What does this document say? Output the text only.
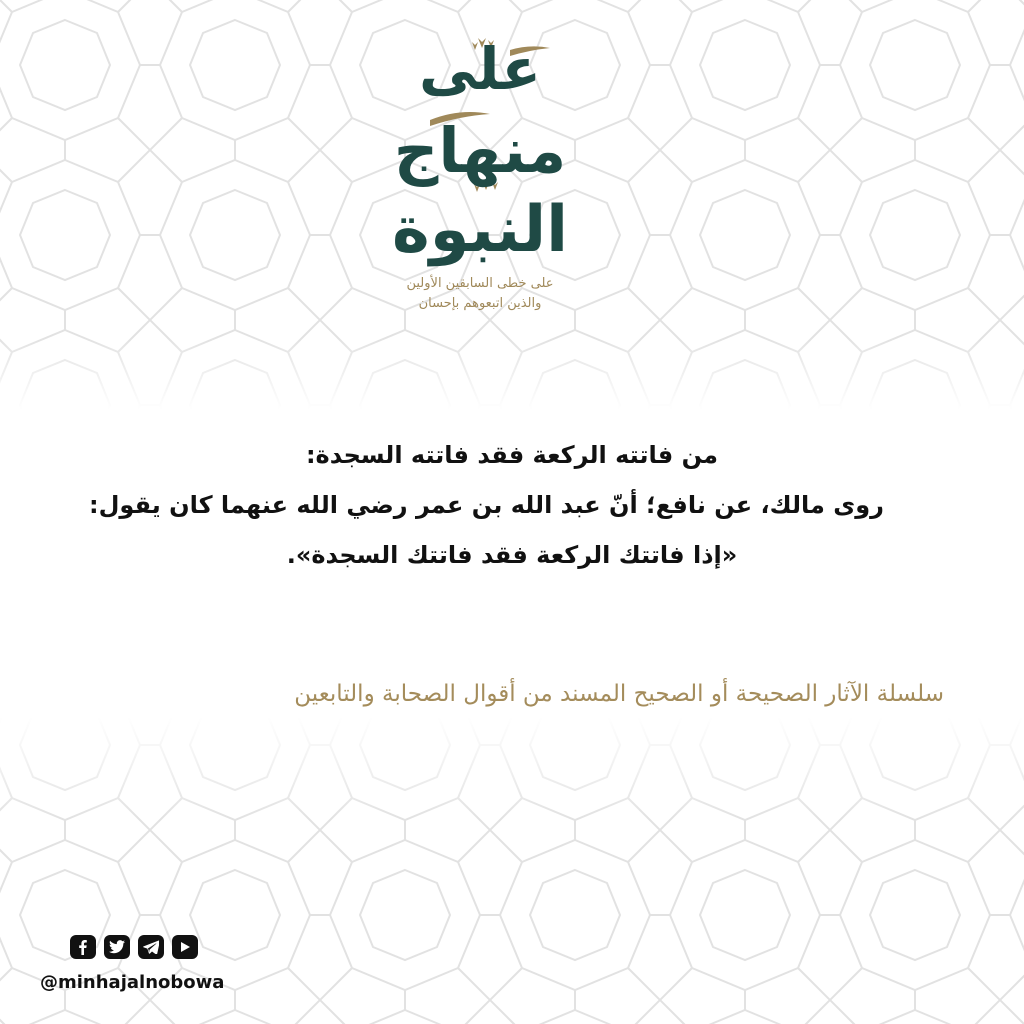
على
منهاج
النبوة
على خطى السابقين الأولين
والذين اتبعوهم بإحسان

من فاتته الركعة فقد فاتته السجدة:

روى مالك، عن نافع؛ أنّ عبد الله بن عمر رضي الله عنهما كان يقول:

«إذا فاتتك الركعة فقد فاتتك السجدة».

سلسلة الآثار الصحيحة أو الصحيح المسند من أقوال الصحابة والتابعين
@minhajalnobowa
